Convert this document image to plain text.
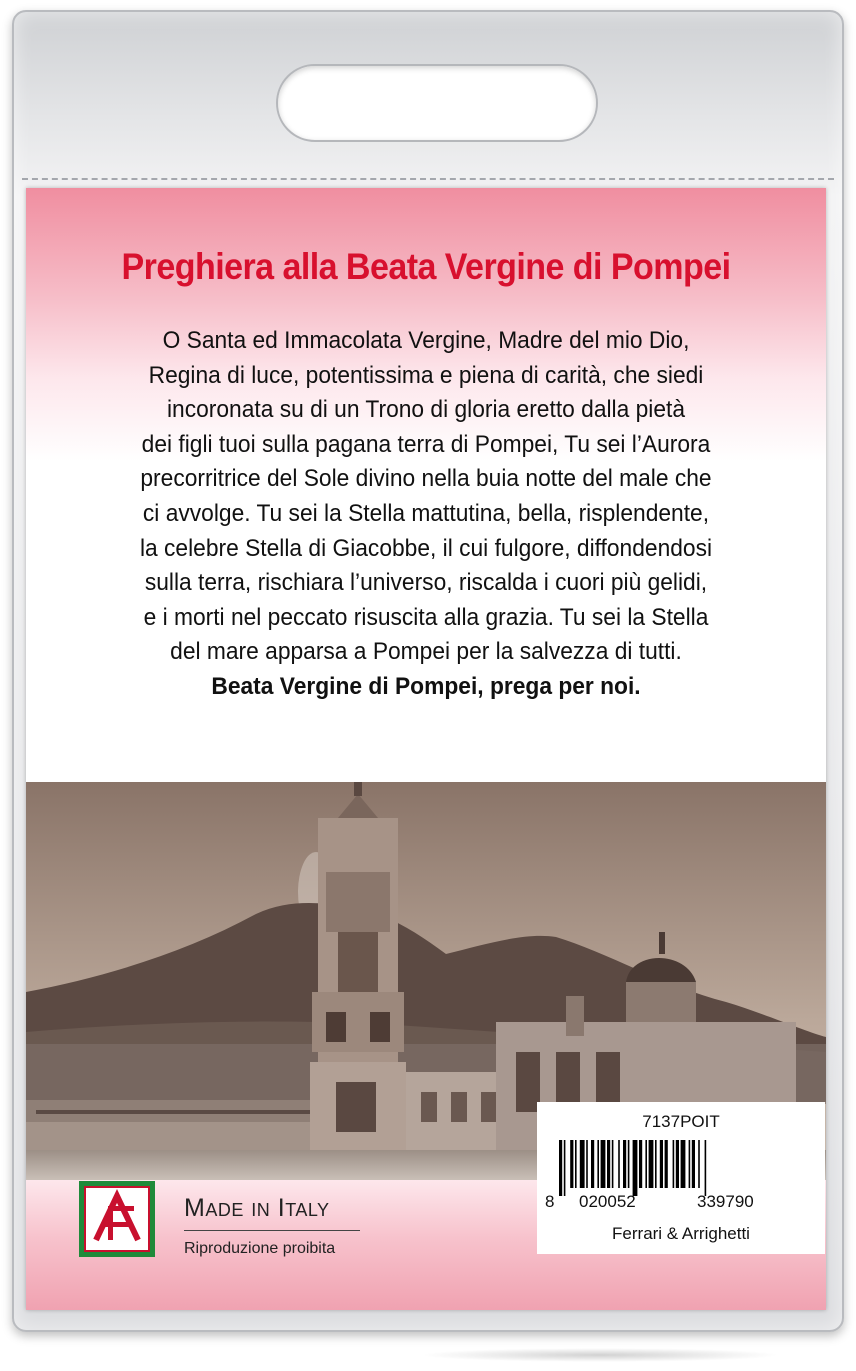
Preghiera alla Beata Vergine di Pompei
O Santa ed Immacolata Vergine, Madre del mio Dio,
Regina di luce, potentissima e piena di carità, che siedi
incoronata su di un Trono di gloria eretto dalla pietà
dei figli tuoi sulla pagana terra di Pompei, Tu sei l’Aurora
precorritrice del Sole divino nella buia notte del male che
ci avvolge. Tu sei la Stella mattutina, bella, risplendente,
la celebre Stella di Giacobbe, il cui fulgore, diffondendosi
sulla terra, rischiara l’universo, riscalda i cuori più gelidi,
e i morti nel peccato risuscita alla grazia. Tu sei la Stella
del mare apparsa a Pompei per la salvezza di tutti.
Beata Vergine di Pompei, prega per noi.
MADE IN ITALY
Riproduzione proibita
7137POIT
8 020052	339790
Ferrari & Arrighetti
